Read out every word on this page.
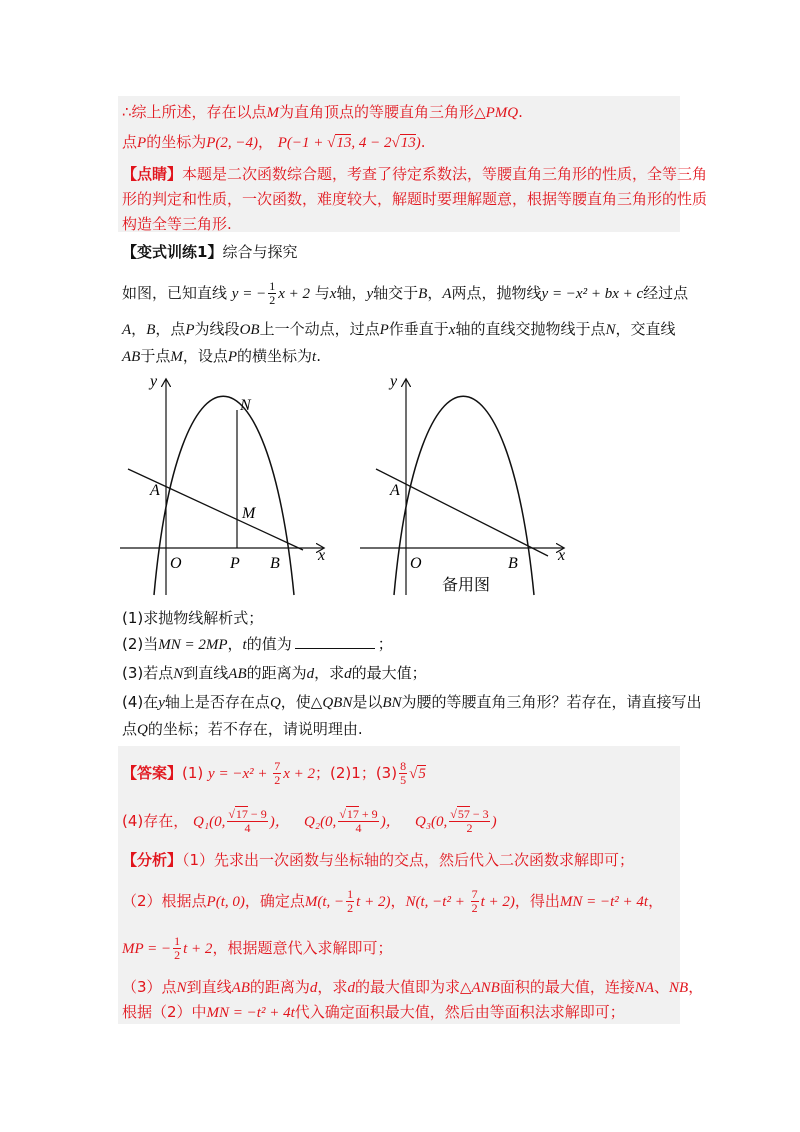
∴综上所述，存在以点M为直角顶点的等腰直角三角形△PMQ.
点P的坐标为P(2, −4)， P(−1 + √13, 4 − 2√13).
【点睛】本题是二次函数综合题，考查了待定系数法，等腰直角三角形的性质，全等三角
形的判定和性质，一次函数，难度较大，解题时要理解题意，根据等腰直角三角形的性质
构造全等三角形.
【变式训练1】综合与探究
如图，已知直线 y = − $\frac{1}{2}$ x + 2 与x轴，y轴交于B，A两点，抛物线y = −x² + bx + c经过点
A，B，点P为线段OB上一个动点，过点P作垂直于x轴的直线交抛物线于点N，交直线
AB于点M，设点P的横坐标为t.
y
x
N
A
M
O	P B
y
x
A
O	B
备用图
(1)求抛物线解析式；
(2)当MN = 2MP，t的值为	；
(3)若点N到直线AB的距离为d，求d的最大值；
(4)在y轴上是否存在点Q，使△QBN是以BN为腰的等腰直角三角形？若存在，请直接写出
点Q的坐标；若不存在，请说明理由.
【答案】(1) $y = -x^2 + \frac{7}{2}$ x + 2；(2)1；$(3) \frac{8}{5} √5$
(4)存在， Q₁(0, $\frac{√17 - 9}{4}$ )， Q₂(0, $\frac{√17 + 9}{4}$ )， Q₃(0, $\frac{√57 - 3}{2}$ )
【分析】（1）先求出一次函数与坐标轴的交点，然后代入二次函数求解即可；
（2）根据点P(t, 0)，确定点M(t, − $\frac{1}{2}$ t + 2)，N(t, $-t^2 + \frac{7}{2}$ t + 2)，得出MN = −t² + 4t，
MP = − $\frac{1}{2}$ t + 2，根据题意代入求解即可；
（3）点N到直线AB的距离为d，求d的最大值即为求△ANB面积的最大值，连接NA、NB，
根据（2）中MN = −t² + 4t代入确定面积最大值，然后由等面积法求解即可；
